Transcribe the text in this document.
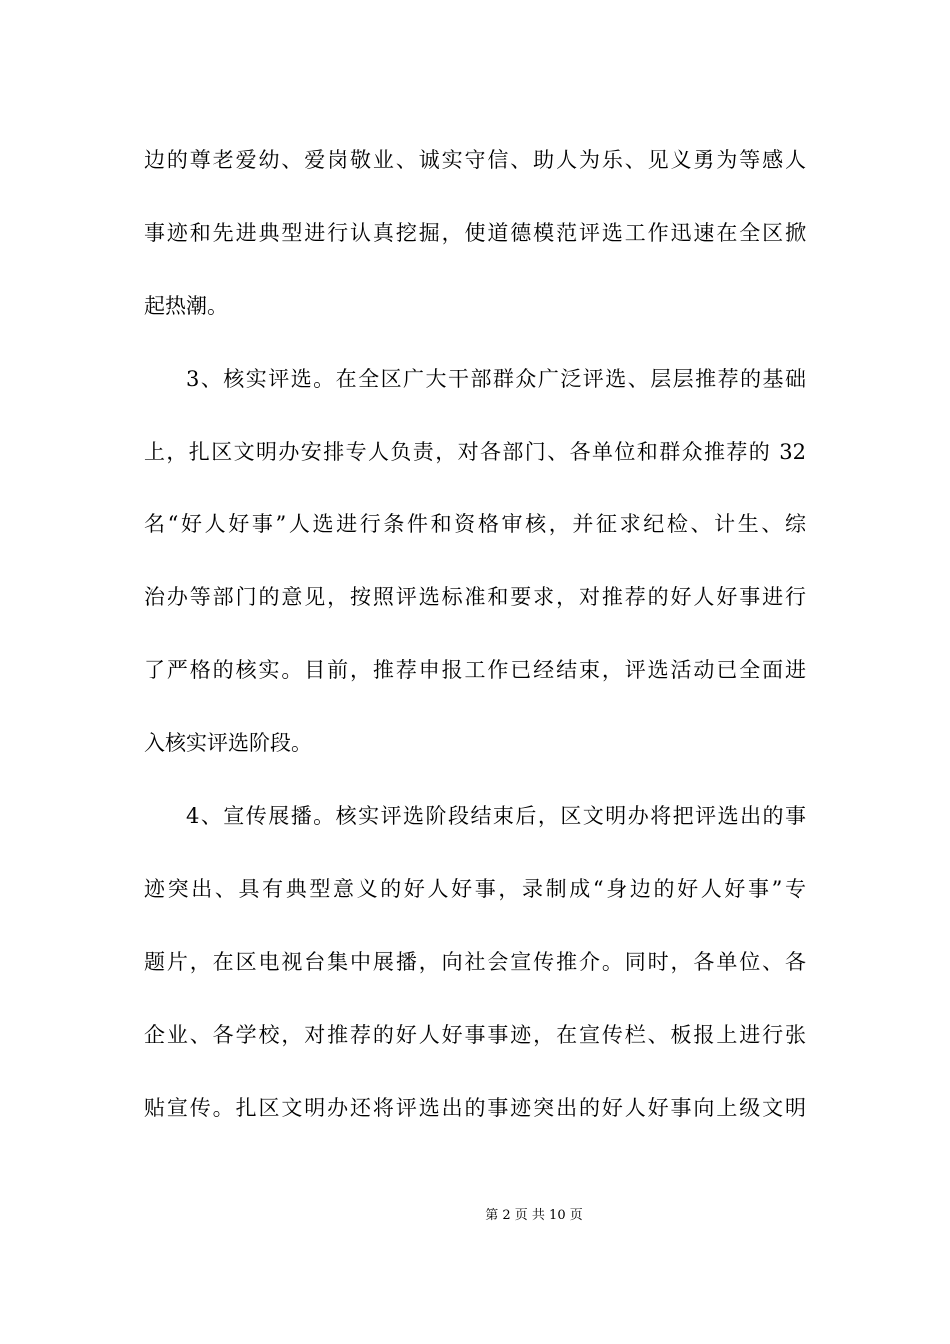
边的尊老爱幼、爱岗敬业、诚实守信、助人为乐、见义勇为等感人
事迹和先进典型进行认真挖掘，使道德模范评选工作迅速在全区掀
起热潮。
3、核实评选。在全区广大干部群众广泛评选、层层推荐的基础
上，扎区文明办安排专人负责，对各部门、各单位和群众推荐的 32
名“好人好事”人选进行条件和资格审核，并征求纪检、计生、综
治办等部门的意见，按照评选标准和要求，对推荐的好人好事进行
了严格的核实。目前，推荐申报工作已经结束，评选活动已全面进
入核实评选阶段。
4、宣传展播。核实评选阶段结束后，区文明办将把评选出的事
迹突出、具有典型意义的好人好事，录制成“身边的好人好事”专
题片，在区电视台集中展播，向社会宣传推介。同时，各单位、各
企业、各学校，对推荐的好人好事事迹，在宣传栏、板报上进行张
贴宣传。扎区文明办还将评选出的事迹突出的好人好事向上级文明
第 2 页 共 10 页
